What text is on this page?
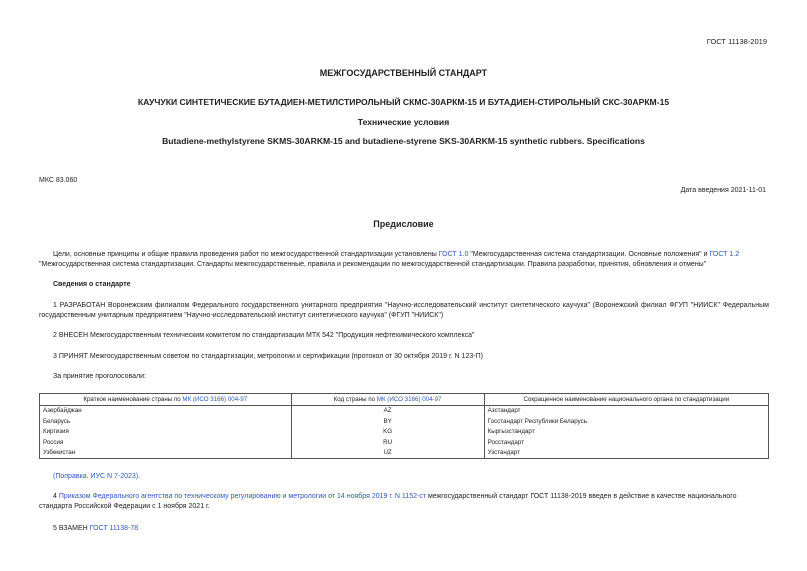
ГОСТ 11138-2019
МЕЖГОСУДАРСТВЕННЫЙ СТАНДАРТ
КАУЧУКИ СИНТЕТИЧЕСКИЕ БУТАДИЕН-МЕТИЛСТИРОЛЬНЫЙ СКМС-30АРКМ-15 И БУТАДИЕН-СТИРОЛЬНЫЙ СКС-30АРКМ-15
Технические условия
Butadiene-methylstyrene SKMS-30ARKM-15 and butadiene-styrene SKS-30ARKM-15 synthetic rubbers. Specifications
МКС 83.060
Дата введения 2021-11-01
Предисловие
Цели, основные принципы и общие правила проведения работ по межгосударственной стандартизации установлены ГОСТ 1.0 "Межгосударственная система стандартизации. Основные положения" и ГОСТ 1.2 "Межгосударственная система стандартизации. Стандарты межгосударственные, правила и рекомендации по межгосударственной стандартизации. Правила разработки, принятия, обновления и отмены"
Сведения о стандарте
1 РАЗРАБОТАН Воронежским филиалом Федерального государственного унитарного предприятия "Научно-исследовательский институт синтетического каучука" (Воронежский филиал ФГУП "НИИСК" Федеральным государственным унитарным предприятием "Научно-исследовательский институт синтетического каучука" (ФГУП "НИИСК")
2 ВНЕСЕН Межгосударственным техническим комитетом по стандартизации МТК 542 "Продукция нефтехимического комплекса"
3 ПРИНЯТ Межгосударственным советом по стандартизации, метрологии и сертификации (протокол от 30 октября 2019 г. N 123-П)
За принятие проголосовали:
Краткое наименование страны по МК (ИСО 3166) 004-97	Код страны по МК (ИСО 3166) 004-97	Сокращенное наименование национального органа по стандартизации
Азербайджан	AZ	Азстандарт
Беларусь	BY	Госстандарт Республики Беларусь
Киргизия	KG	Кыргызстандарт
Россия	RU	Росстандарт
Узбекистан	UZ	Узстандарт
(Поправка. ИУС N 7-2023).
4 Приказом Федерального агентства по техническому регулированию и метрологии от 14 ноября 2019 г. N 1152-ст межгосударственный стандарт ГОСТ 11138-2019 введен в действие в качестве национального стандарта Российской Федерации с 1 ноября 2021 г.
5 ВЗАМЕН ГОСТ 11138-78
